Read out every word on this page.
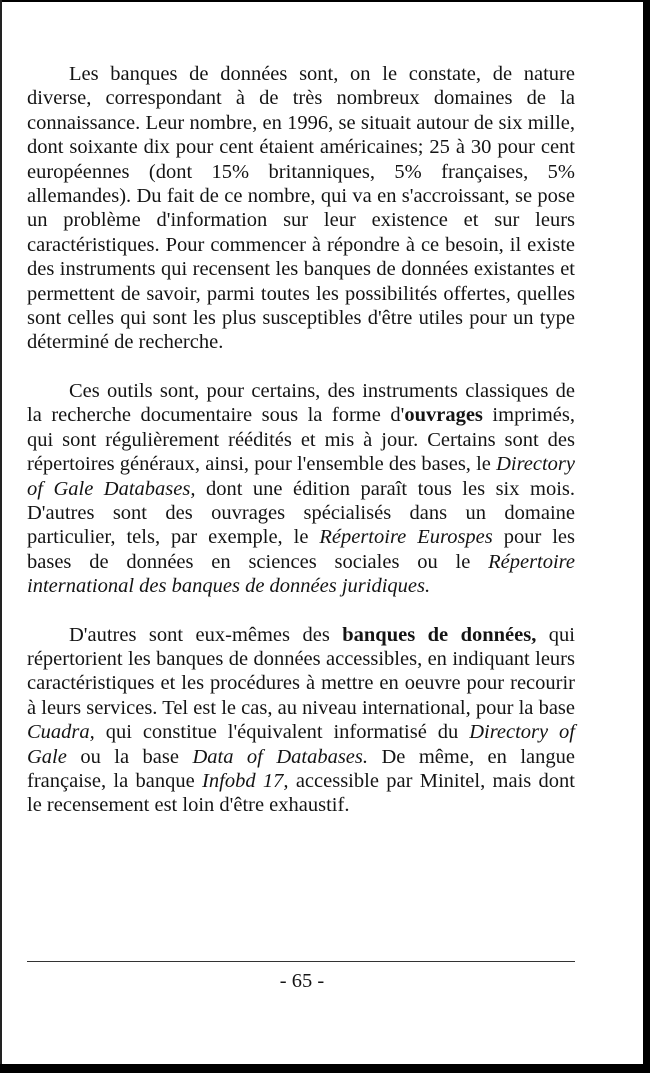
Les banques de données sont, on le constate, de nature diverse, correspondant à de très nombreux domaines de la connaissance. Leur nombre, en 1996, se situait autour de six mille, dont soixante dix pour cent étaient américaines; 25 à 30 pour cent européennes (dont 15% britanniques, 5% françaises, 5% allemandes). Du fait de ce nombre, qui va en s'accroissant, se pose un problème d'information sur leur existence et sur leurs caractéristiques. Pour commencer à répondre à ce besoin, il existe des instruments qui recensent les banques de données existantes et permettent de savoir, parmi toutes les possibilités offertes, quelles sont celles qui sont les plus susceptibles d'être utiles pour un type déterminé de recherche.

Ces outils sont, pour certains, des instruments classiques de la recherche documentaire sous la forme d'ouvrages imprimés, qui sont régulièrement réédités et mis à jour. Certains sont des répertoires généraux, ainsi, pour l'ensemble des bases, le Directory of Gale Databases, dont une édition paraît tous les six mois. D'autres sont des ouvrages spécialisés dans un domaine particulier, tels, par exemple, le Répertoire Eurospes pour les bases de données en sciences sociales ou le Répertoire international des banques de données juridiques.

D'autres sont eux-mêmes des banques de données, qui répertorient les banques de données accessibles, en indiquant leurs caractéristiques et les procédures à mettre en oeuvre pour recourir à leurs services. Tel est le cas, au niveau international, pour la base Cuadra, qui constitue l'équivalent informatisé du Directory of Gale ou la base Data of Databases. De même, en langue française, la banque Infobd 17, accessible par Minitel, mais dont le recensement est loin d'être exhaustif.

- 65 -
